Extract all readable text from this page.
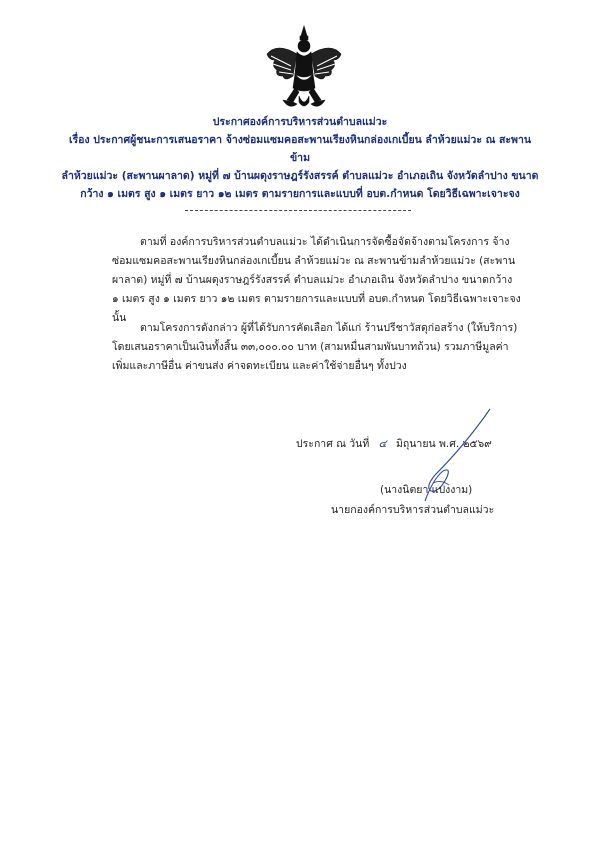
ประกาศองค์การบริหารส่วนตำบลแม่วะ
เรื่อง ประกาศผู้ชนะการเสนอราคา จ้างซ่อมแซมคอสะพานเรียงหินกล่องเกเบี้ยน ลำห้วยแม่วะ ณ สะพานข้าม
ลำห้วยแม่วะ (สะพานผาลาด) หมู่ที่ ๗ บ้านผดุงราษฎร์รังสรรค์ ตำบลแม่วะ อำเภอเถิน จังหวัดลำปาง ขนาด
กว้าง ๑ เมตร สูง ๑ เมตร ยาว ๑๒ เมตร ตามรายการและแบบที่ อบต.กำหนด โดยวิธีเฉพาะเจาะจง
ตามที่ องค์การบริหารส่วนตำบลแม่วะ ได้ดำเนินการจัดซื้อจัดจ้างตามโครงการ จ้างซ่อมแซมคอสะพานเรียงหินกล่องเกเบี้ยน ลำห้วยแม่วะ ณ สะพานข้ามลำห้วยแม่วะ (สะพานผาลาด) หมู่ที่ ๗ บ้านผดุงราษฎร์รังสรรค์ ตำบลแม่วะ อำเภอเถิน จังหวัดลำปาง ขนาดกว้าง ๑ เมตร สูง ๑ เมตร ยาว ๑๒ เมตร ตามรายการและแบบที่ อบต.กำหนด โดยวิธีเฉพาะเจาะจง นั้น
ตามโครงการดังกล่าว ผู้ที่ได้รับการคัดเลือก ได้แก่ ร้านปรีชาวัสดุก่อสร้าง (ให้บริการ) โดยเสนอราคาเป็นเงินทั้งสิ้น ๓๓,๐๐๐.๐๐ บาท (สามหมื่นสามพันบาทถ้วน) รวมภาษีมูลค่าเพิ่มและภาษีอื่น ค่าขนส่ง ค่าจดทะเบียน และค่าใช้จ่ายอื่นๆ ทั้งปวง
ประกาศ ณ วันที่ ๔ มิถุนายน พ.ศ. ๒๕๖๙
(นางนิตยา แปงงาม)
นายกองค์การบริหารส่วนตำบลแม่วะ
